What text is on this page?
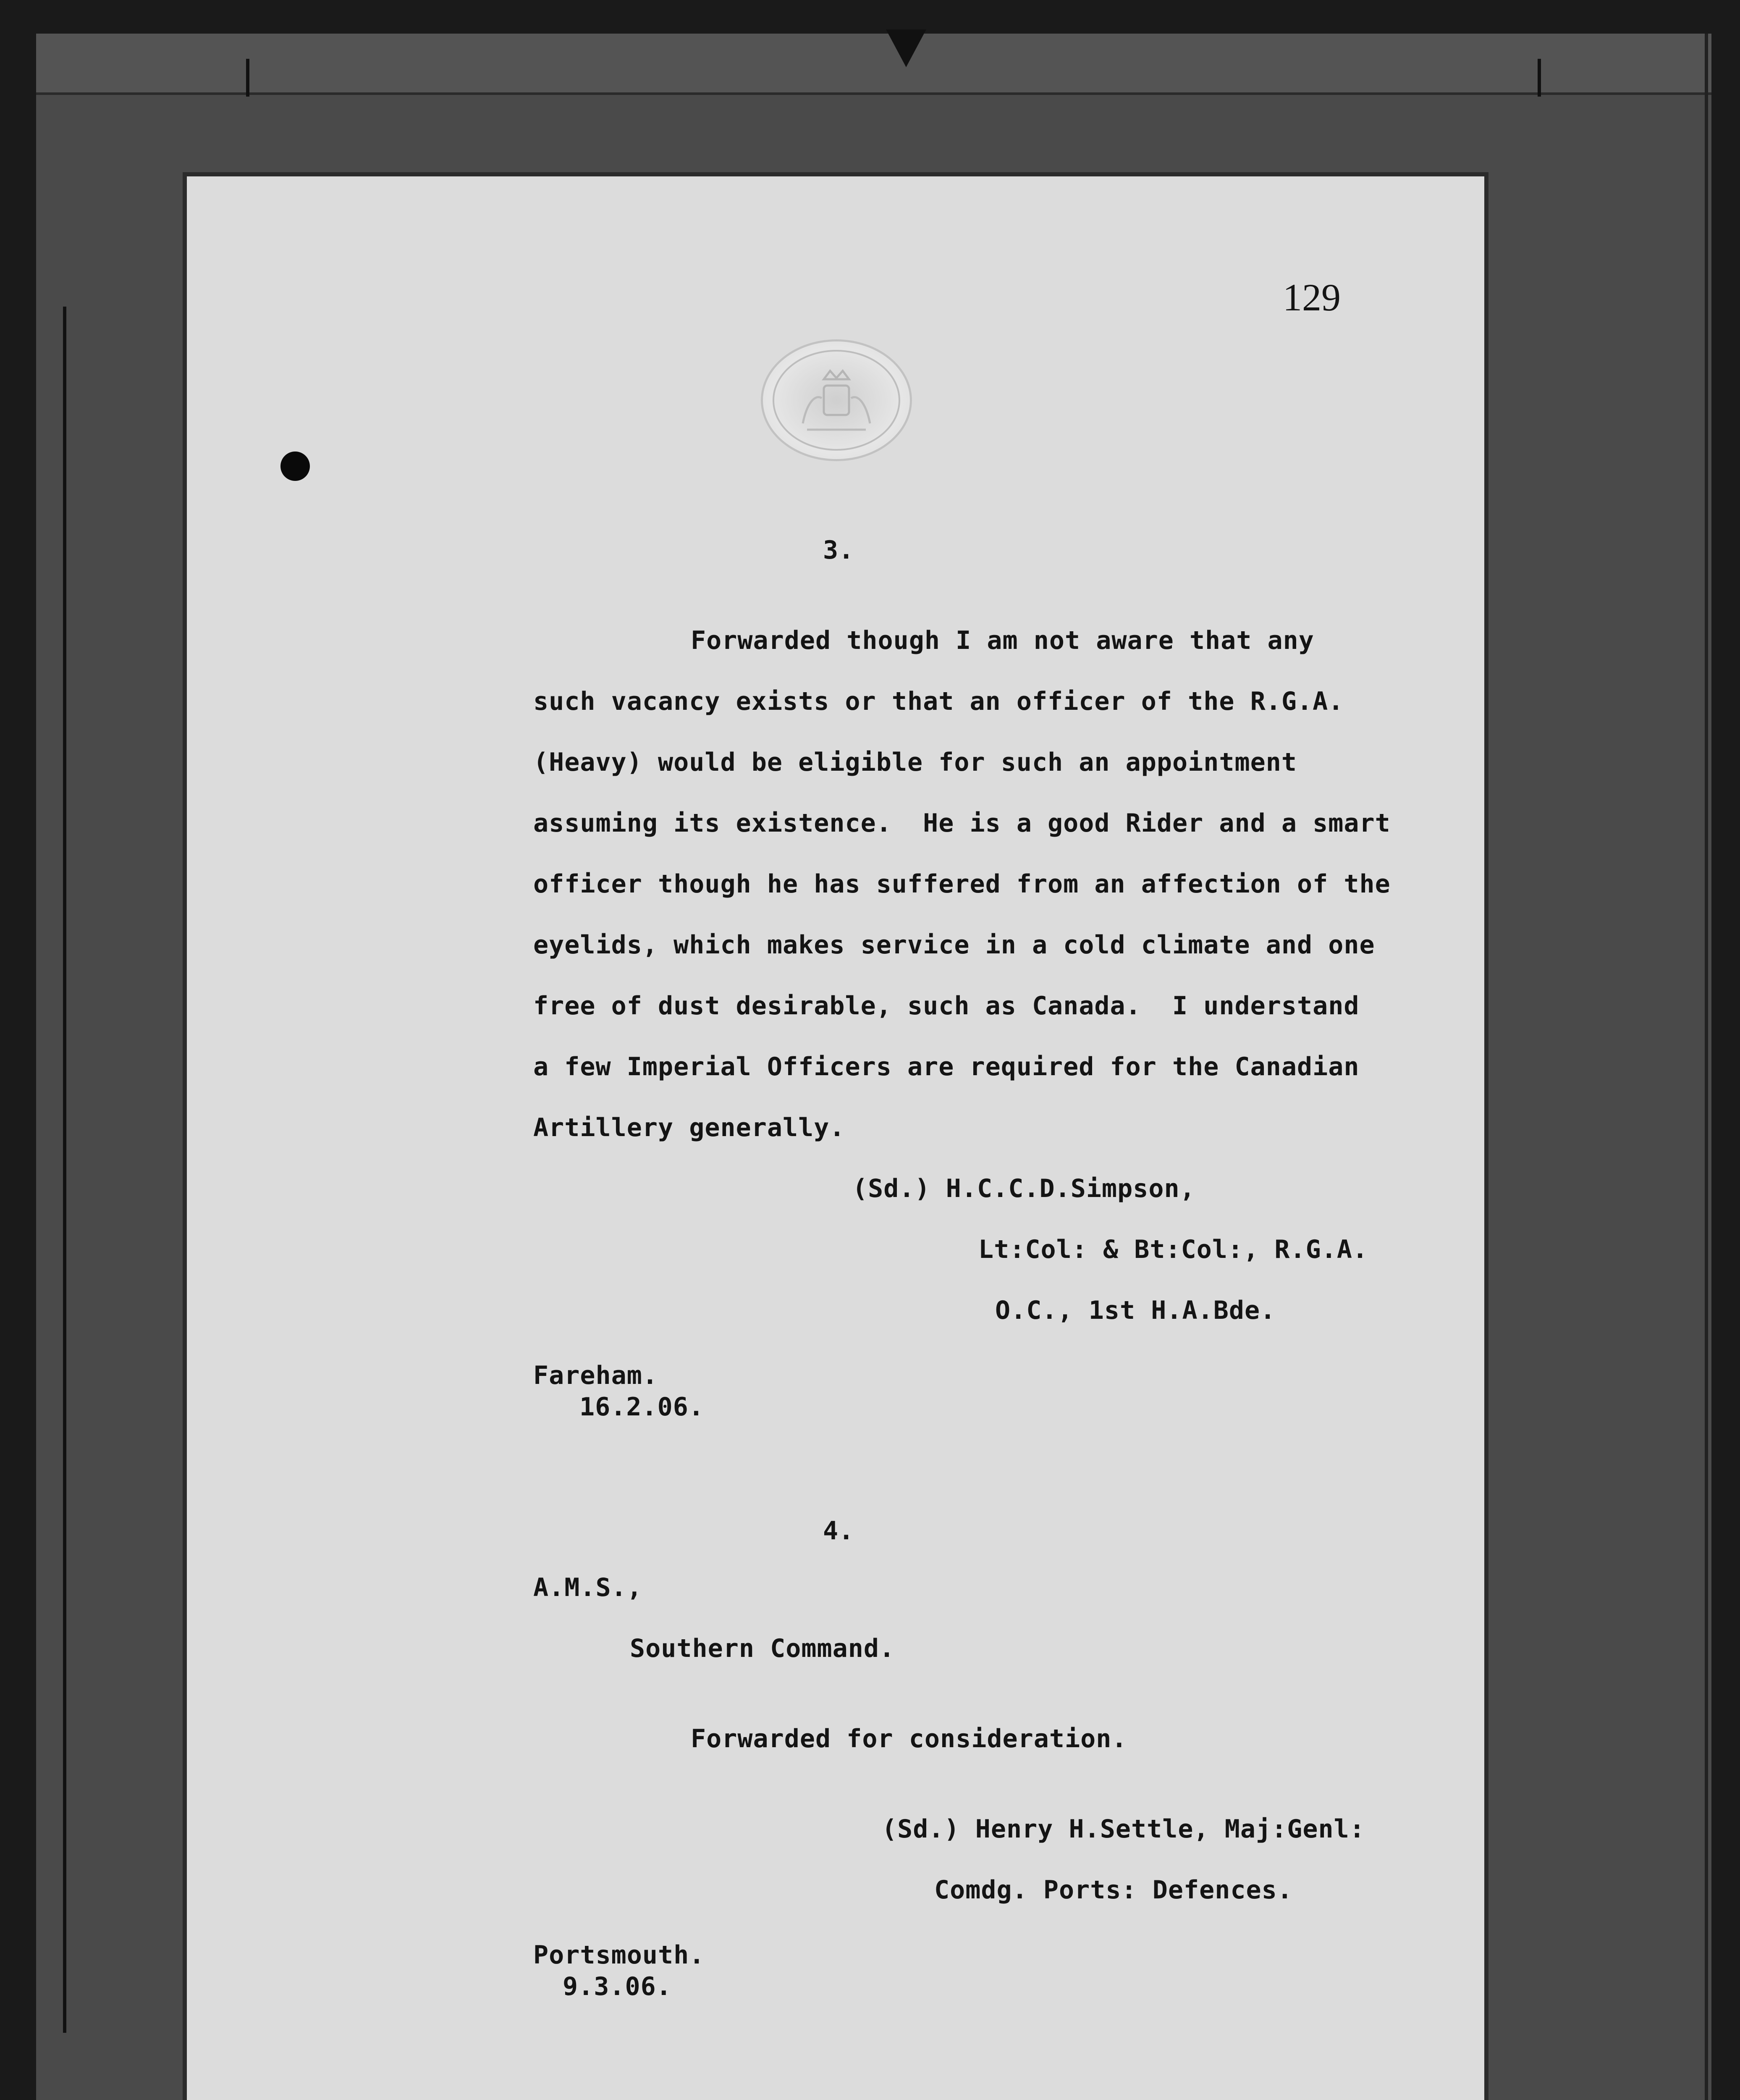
129
3.
Forwarded though I am not aware that any
such vacancy exists or that an officer of the R.G.A.
(Heavy) would be eligible for such an appointment
assuming its existence.  He is a good Rider and a smart
officer though he has suffered from an affection of the
eyelids, which makes service in a cold climate and one
free of dust desirable, such as Canada.  I understand
a few Imperial Officers are required for the Canadian
Artillery generally.
(Sd.) H.C.C.D.Simpson,
Lt:Col: & Bt:Col:, R.G.A.
O.C., 1st H.A.Bde.
Fareham.
16.2.06.
4.
A.M.S.,
Southern Command.
Forwarded for consideration.
(Sd.) Henry H.Settle, Maj:Genl:
Comdg. Ports: Defences.
Portsmouth.
9.3.06.
